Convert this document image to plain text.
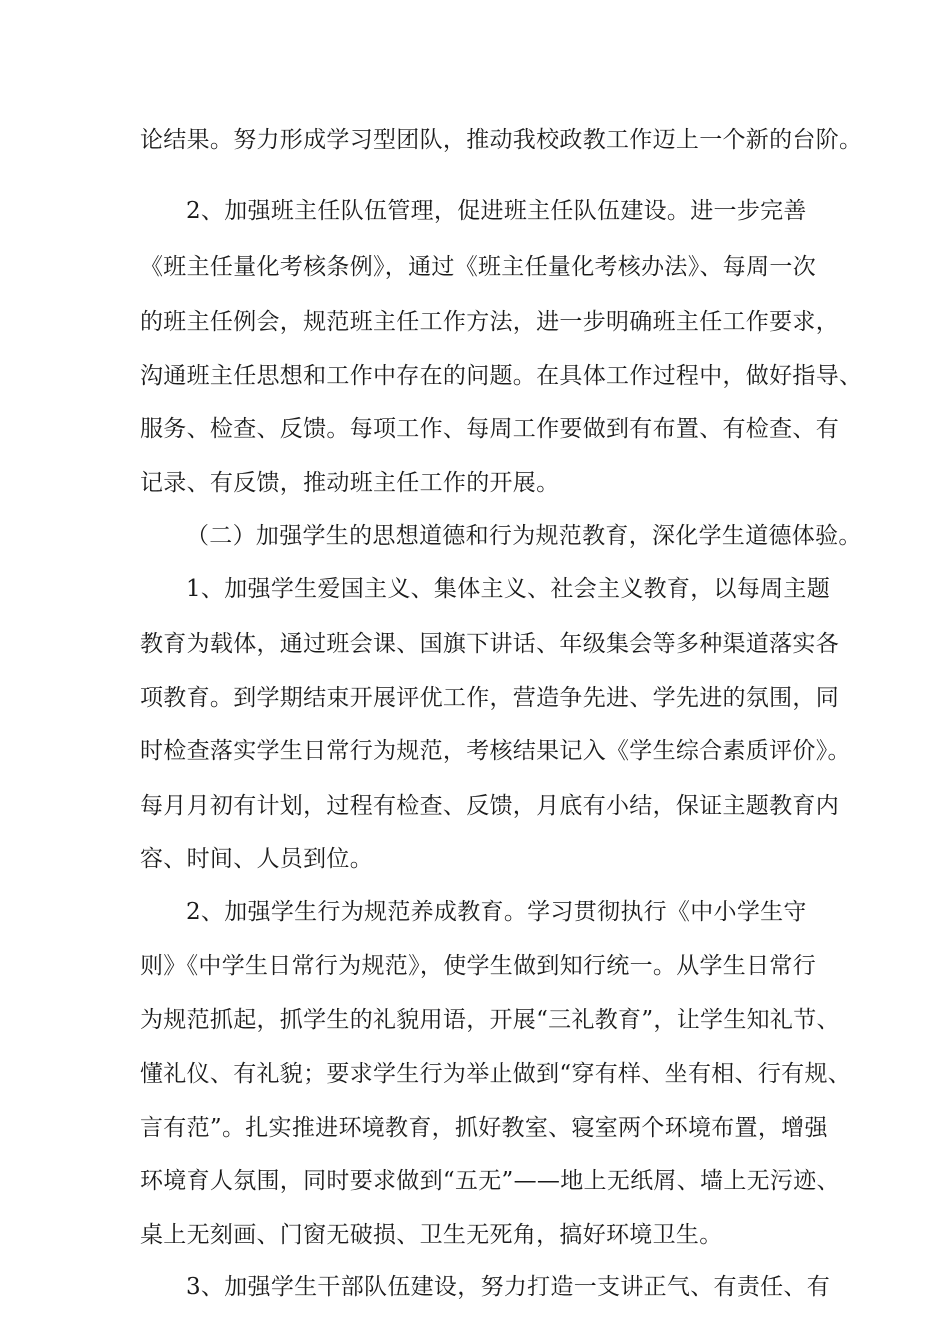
论结果。努力形成学习型团队，推动我校政教工作迈上一个新的台阶。
2、加强班主任队伍管理，促进班主任队伍建设。进一步完善
《班主任量化考核条例》，通过《班主任量化考核办法》、每周一次
的班主任例会，规范班主任工作方法，进一步明确班主任工作要求，
沟通班主任思想和工作中存在的问题。在具体工作过程中，做好指导、
服务、检查、反馈。每项工作、每周工作要做到有布置、有检查、有
记录、有反馈，推动班主任工作的开展。
（二）加强学生的思想道德和行为规范教育，深化学生道德体验。
1、加强学生爱国主义、集体主义、社会主义教育，以每周主题
教育为载体，通过班会课、国旗下讲话、年级集会等多种渠道落实各
项教育。到学期结束开展评优工作，营造争先进、学先进的氛围，同
时检查落实学生日常行为规范，考核结果记入《学生综合素质评价》。
每月月初有计划，过程有检查、反馈，月底有小结，保证主题教育内
容、时间、人员到位。
2、加强学生行为规范养成教育。学习贯彻执行《中小学生守
则》《中学生日常行为规范》，使学生做到知行统一。从学生日常行
为规范抓起，抓学生的礼貌用语，开展“三礼教育”，让学生知礼节、
懂礼仪、有礼貌；要求学生行为举止做到“穿有样、坐有相、行有规、
言有范”。扎实推进环境教育，抓好教室、寝室两个环境布置，增强
环境育人氛围，同时要求做到“五无”——地上无纸屑、墙上无污迹、
桌上无刻画、门窗无破损、卫生无死角，搞好环境卫生。
3、加强学生干部队伍建设，努力打造一支讲正气、有责任、有
